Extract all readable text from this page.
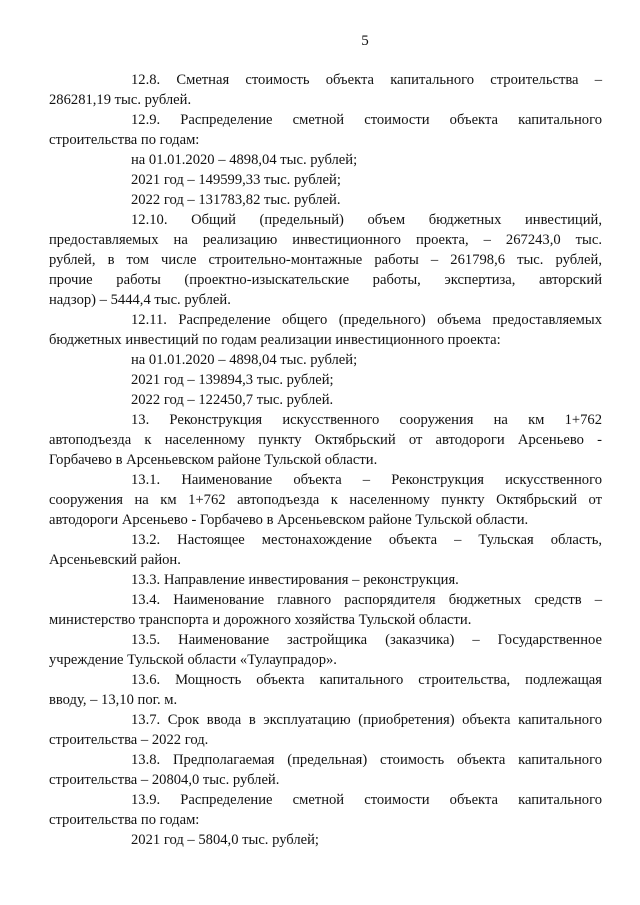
5

12.8. Сметная стоимость объекта капитального строительства –
286281,19 тыс. рублей.

12.9. Распределение сметной стоимости объекта капитального
строительства по годам:

на 01.01.2020 – 4898,04 тыс. рублей;

2021 год – 149599,33 тыс. рублей;

2022 год – 131783,82 тыс. рублей.

12.10. Общий (предельный) объем бюджетных инвестиций,
предоставляемых на реализацию инвестиционного проекта, – 267243,0 тыс.
рублей, в том числе строительно-монтажные работы – 261798,6 тыс. рублей,
прочие работы (проектно-изыскательские работы, экспертиза, авторский
надзор) – 5444,4 тыс. рублей.

12.11. Распределение общего (предельного) объема предоставляемых
бюджетных инвестиций по годам реализации инвестиционного проекта:

на 01.01.2020 – 4898,04 тыс. рублей;

2021 год – 139894,3 тыс. рублей;

2022 год – 122450,7 тыс. рублей.

13. Реконструкция искусственного сооружения на км 1+762
автоподъезда к населенному пункту Октябрьский от автодороги Арсеньево -
Горбачево в Арсеньевском районе Тульской области.

13.1. Наименование объекта – Реконструкция искусственного
сооружения на км 1+762 автоподъезда к населенному пункту Октябрьский от
автодороги Арсеньево - Горбачево в Арсеньевском районе Тульской области.

13.2. Настоящее местонахождение объекта – Тульская область,
Арсеньевский район.

13.3. Направление инвестирования – реконструкция.

13.4. Наименование главного распорядителя бюджетных средств –
министерство транспорта и дорожного хозяйства Тульской области.

13.5. Наименование застройщика (заказчика) – Государственное
учреждение Тульской области «Тулаупрадор».

13.6. Мощность объекта капитального строительства, подлежащая
вводу, – 13,10 пог. м.

13.7. Срок ввода в эксплуатацию (приобретения) объекта капитального
строительства – 2022 год.

13.8. Предполагаемая (предельная) стоимость объекта капитального
строительства – 20804,0 тыс. рублей.

13.9. Распределение сметной стоимости объекта капитального
строительства по годам:

2021 год – 5804,0 тыс. рублей;
